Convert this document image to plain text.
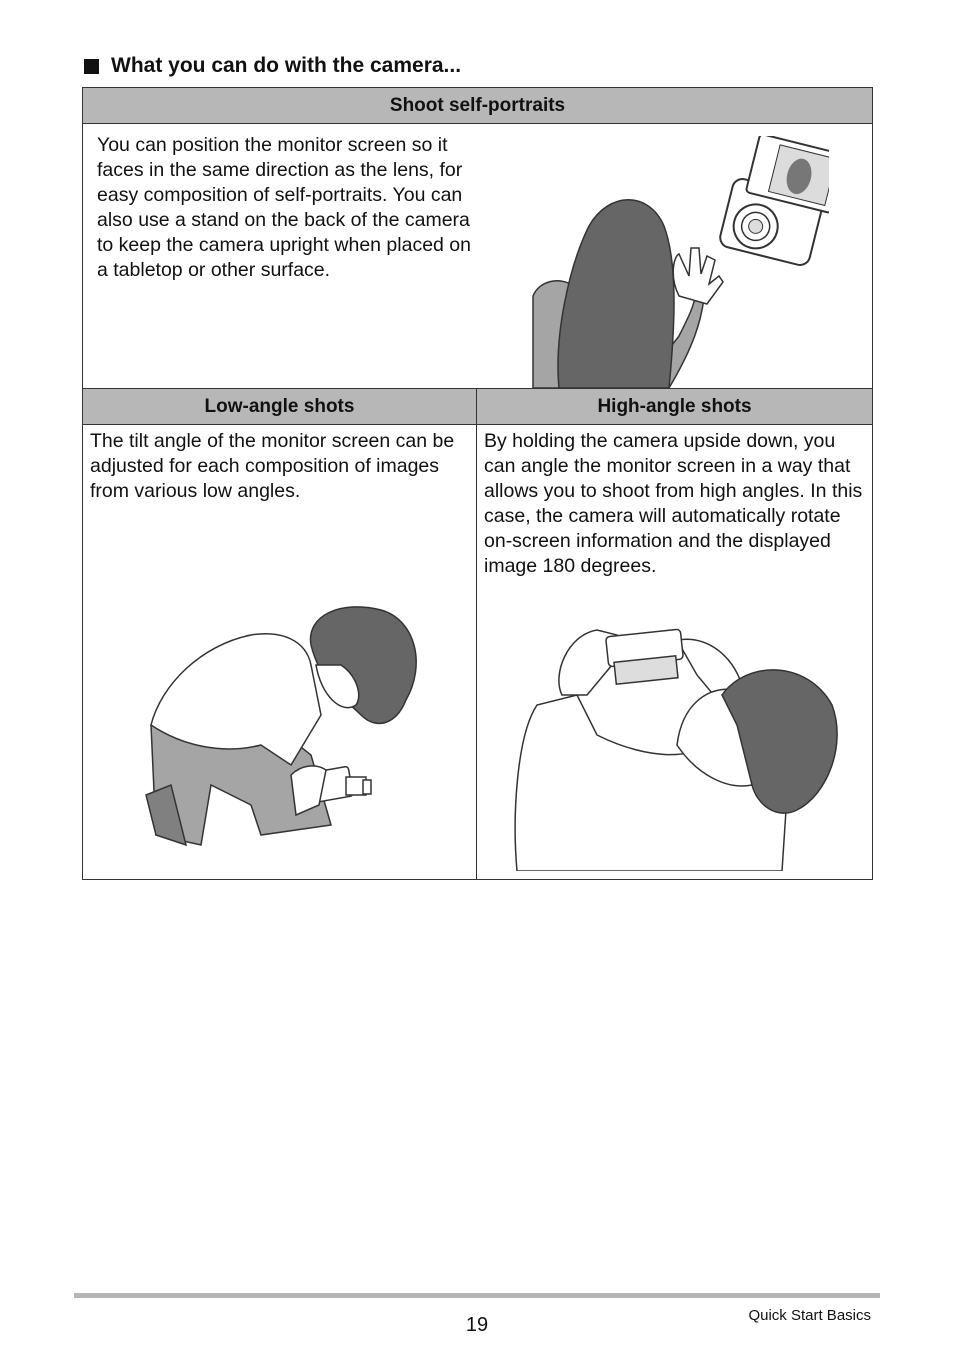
What you can do with the camera...
Shoot self-portraits	

You can position the monitor screen so it faces in the same direction as the lens, for easy composition of self-portraits. You can also use a stand on the back of the camera to keep the camera upright when placed on a tabletop or other surface.	

Low-angle shots	High-angle shots

The tilt angle of the monitor screen can be adjusted for each composition of images from various low angles.	By holding the camera upside down, you can angle the monitor screen in a way that allows you to shoot from high angles. In this case, the camera will automatically rotate on-screen information and the displayed image 180 degrees.
19	Quick Start Basics
